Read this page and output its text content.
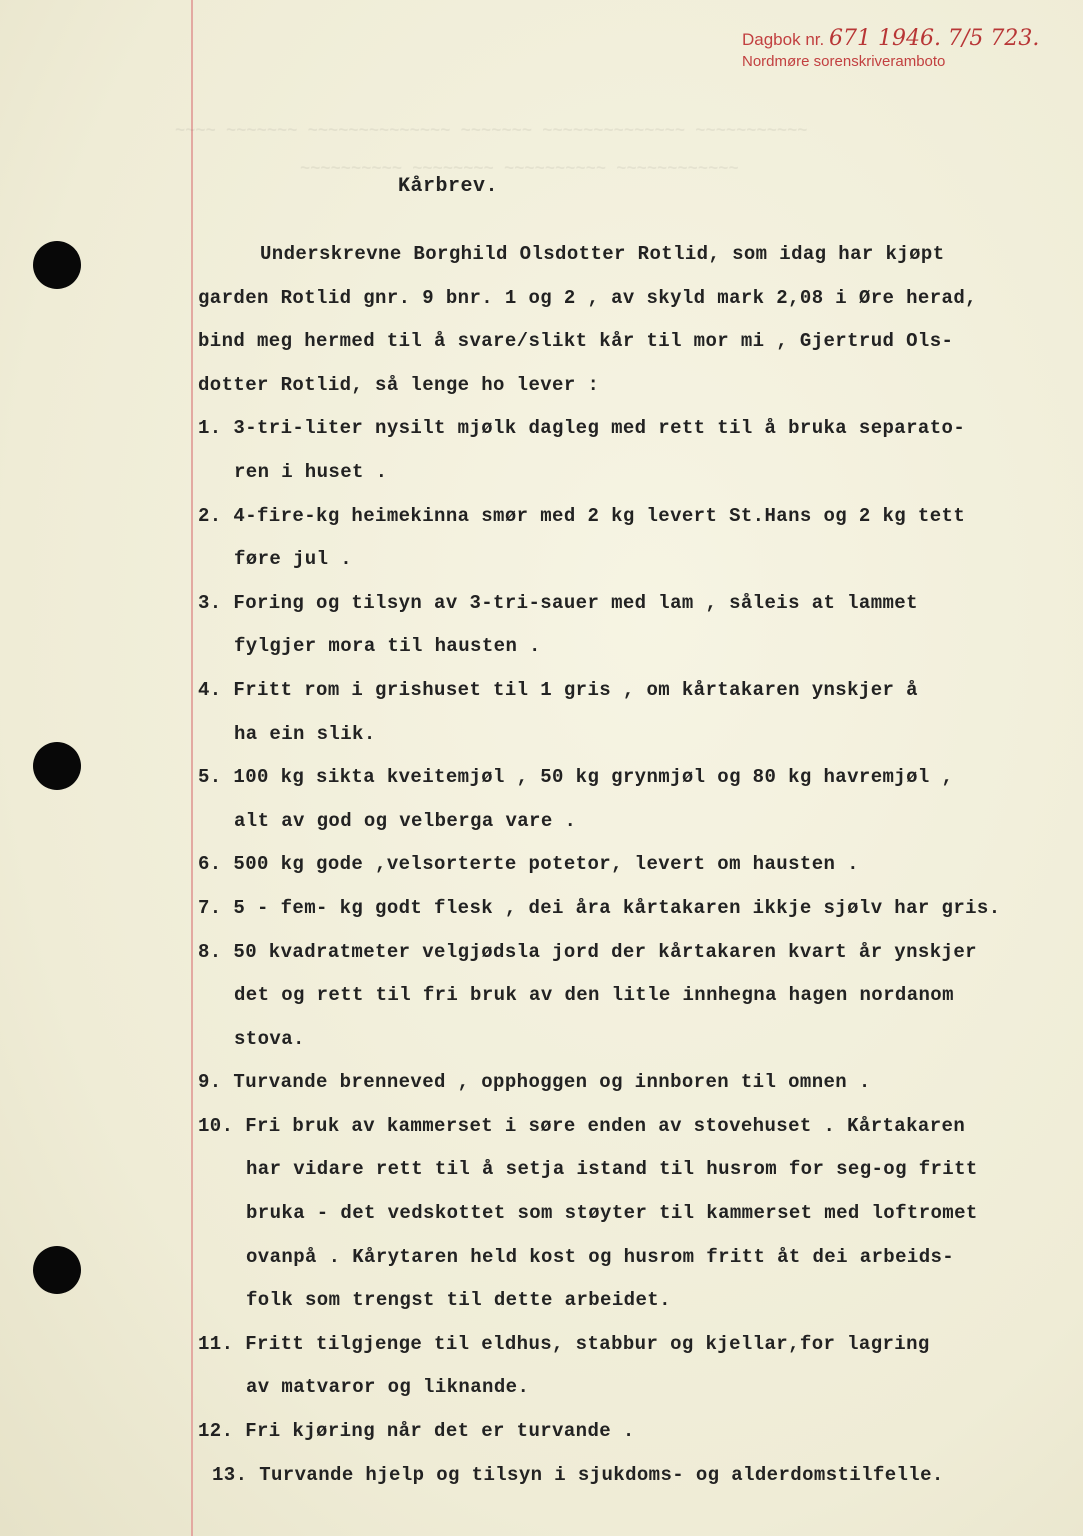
~~~~ ~~~~~~~ ~~~~~~~~~~~~~~ ~~~~~~~ ~~~~~~~~~~~~~~ ~~~~~~~~~~~
~~~~~~~~~~ ~~~~~~~~ ~~~~~~~~~~ ~~~~~~~~~~~~
Dagbok nr. 671 1946. 7/5 723.
Nordmøre sorenskriveramboto
Kårbrev.
Underskrevne Borghild Olsdotter Rotlid, som idag har kjøpt
garden Rotlid gnr. 9 bnr. 1 og 2 , av skyld mark 2,08 i Øre herad,
bind meg hermed til å svare/slikt kår til mor mi , Gjertrud Ols-
dotter Rotlid, så lenge ho lever :
1. 3-tri-liter nysilt mjølk dagleg med rett til å bruka separato-
ren i huset .
2. 4-fire-kg heimekinna smør med 2 kg levert St.Hans og 2 kg tett
føre jul .
3. Foring og tilsyn av 3-tri-sauer med lam , såleis at lammet
fylgjer mora til hausten .
4. Fritt rom i grishuset til 1 gris , om kårtakaren ynskjer å
ha ein slik.
5. 100 kg sikta kveitemjøl , 50 kg grynmjøl og 80 kg havremjøl ,
alt av god og velberga vare .
6. 500 kg gode ,velsorterte potetor, levert om hausten .
7. 5 - fem- kg godt flesk , dei åra kårtakaren ikkje sjølv har gris.
8. 50 kvadratmeter velgjødsla jord der kårtakaren kvart år ynskjer
det og rett til fri bruk av den litle innhegna hagen nordanom
stova.
9. Turvande brenneved , opphoggen og innboren til omnen .
10. Fri bruk av kammerset i søre enden av stovehuset . Kårtakaren
har vidare rett til å setja istand til husrom for seg-og fritt
bruka - det vedskottet som støyter til kammerset med loftromet
ovanpå . Kårytaren held kost og husrom fritt åt dei arbeids-
folk som trengst til dette arbeidet.
11. Fritt tilgjenge til eldhus, stabbur og kjellar,for lagring
av matvaror og liknande.
12. Fri kjøring når det er turvande .
13. Turvande hjelp og tilsyn i sjukdoms- og alderdomstilfelle.
